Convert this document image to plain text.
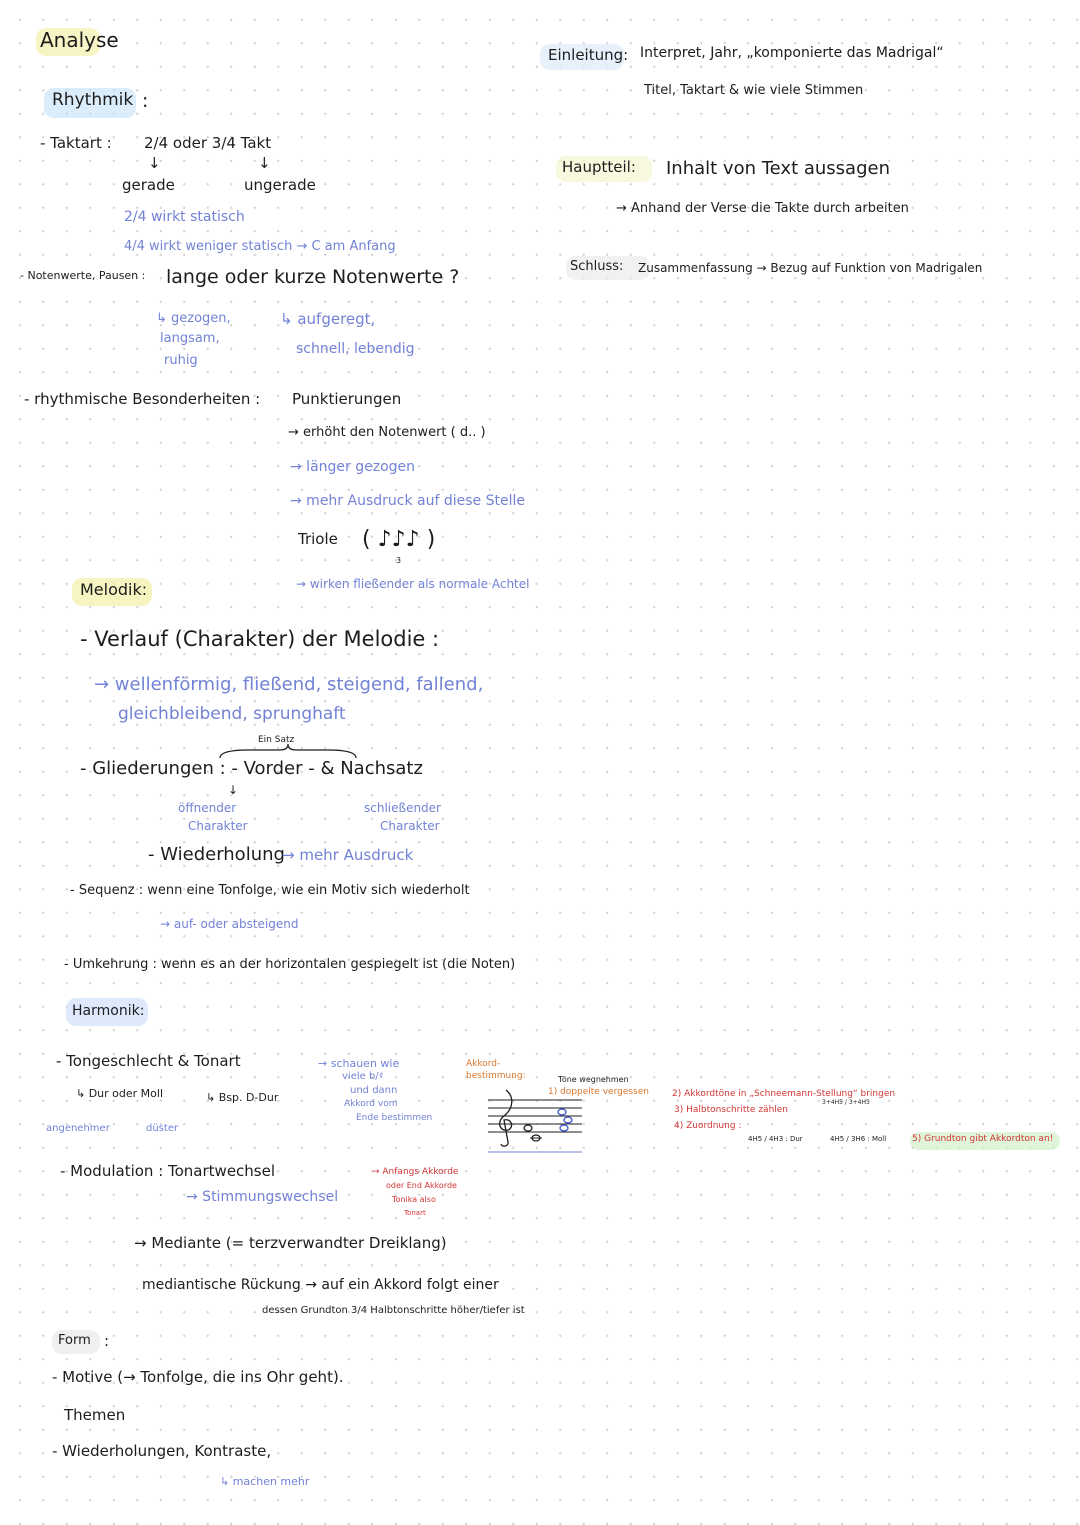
Analyse
Einleitung: Interpret, Jahr, „komponierte das Madrigal“
Titel, Taktart & wie viele Stimmen
Hauptteil: Inhalt von Text aussagen
→ Anhand der Verse die Takte durch arbeiten
Schluss: Zusammenfassung → Bezug auf Funktion von Madrigalen
Rhythmik :
- Taktart : 2/4 oder 3/4 Takt
↓	↓
gerade	ungerade
2/4 wirkt statisch
4/4 wirkt weniger statisch → C am Anfang
- Notenwerte, Pausen : lange oder kurze Notenwerte ?
↳ gezogen,
langsam,
ruhig
↳ aufgeregt,
schnell, lebendig
- rhythmische Besonderheiten : Punktierungen
→ erhöht den Notenwert ( d.. )
→ länger gezogen
→ mehr Ausdruck auf diese Stelle
Triole ( ♪♪♪ )
3
→ wirken fließender als normale Achtel
Melodik:
- Verlauf (Charakter) der Melodie :
→ wellenförmig, fließend, steigend, fallend,
gleichbleibend, sprunghaft
Ein Satz
- Gliederungen : - Vorder - & Nachsatz
↓
öffnender
Charakter
schließender
Charakter
- Wiederholung
→ mehr Ausdruck
- Sequenz : wenn eine Tonfolge, wie ein Motiv sich wiederholt
→ auf- oder absteigend
- Umkehrung : wenn es an der horizontalen gespiegelt ist (die Noten)
Harmonik:
- Tongeschlecht & Tonart
↳ Dur oder Moll	↳ Bsp. D-Dur
angenehmer	düster
→ schauen wie
viele b/♯
und dann
Akkord vom
Ende bestimmen
Akkord-
bestimmung:	Töne wegnehmen
1) doppelte vergessen	2) Akkordtöne in „Schneemann-Stellung“ bringen
3+4H5 / 3+4H3
3) Halbtonschritte zählen
4) Zuordnung :
4H5 / 4H3 : Dur	4H5 / 3H6 : Moll	5) Grundton gibt Akkordton an!
- Modulation : Tonartwechsel
→ Stimmungswechsel
→ Anfangs Akkorde
oder End Akkorde
Tonika also
Tonart
→ Mediante (= terzverwandter Dreiklang)
mediantische Rückung → auf ein Akkord folgt einer
dessen Grundton 3/4 Halbtonschritte höher/tiefer ist
Form :
- Motive (→ Tonfolge, die ins Ohr geht).
Themen
- Wiederholungen, Kontraste,
↳ machen mehr
